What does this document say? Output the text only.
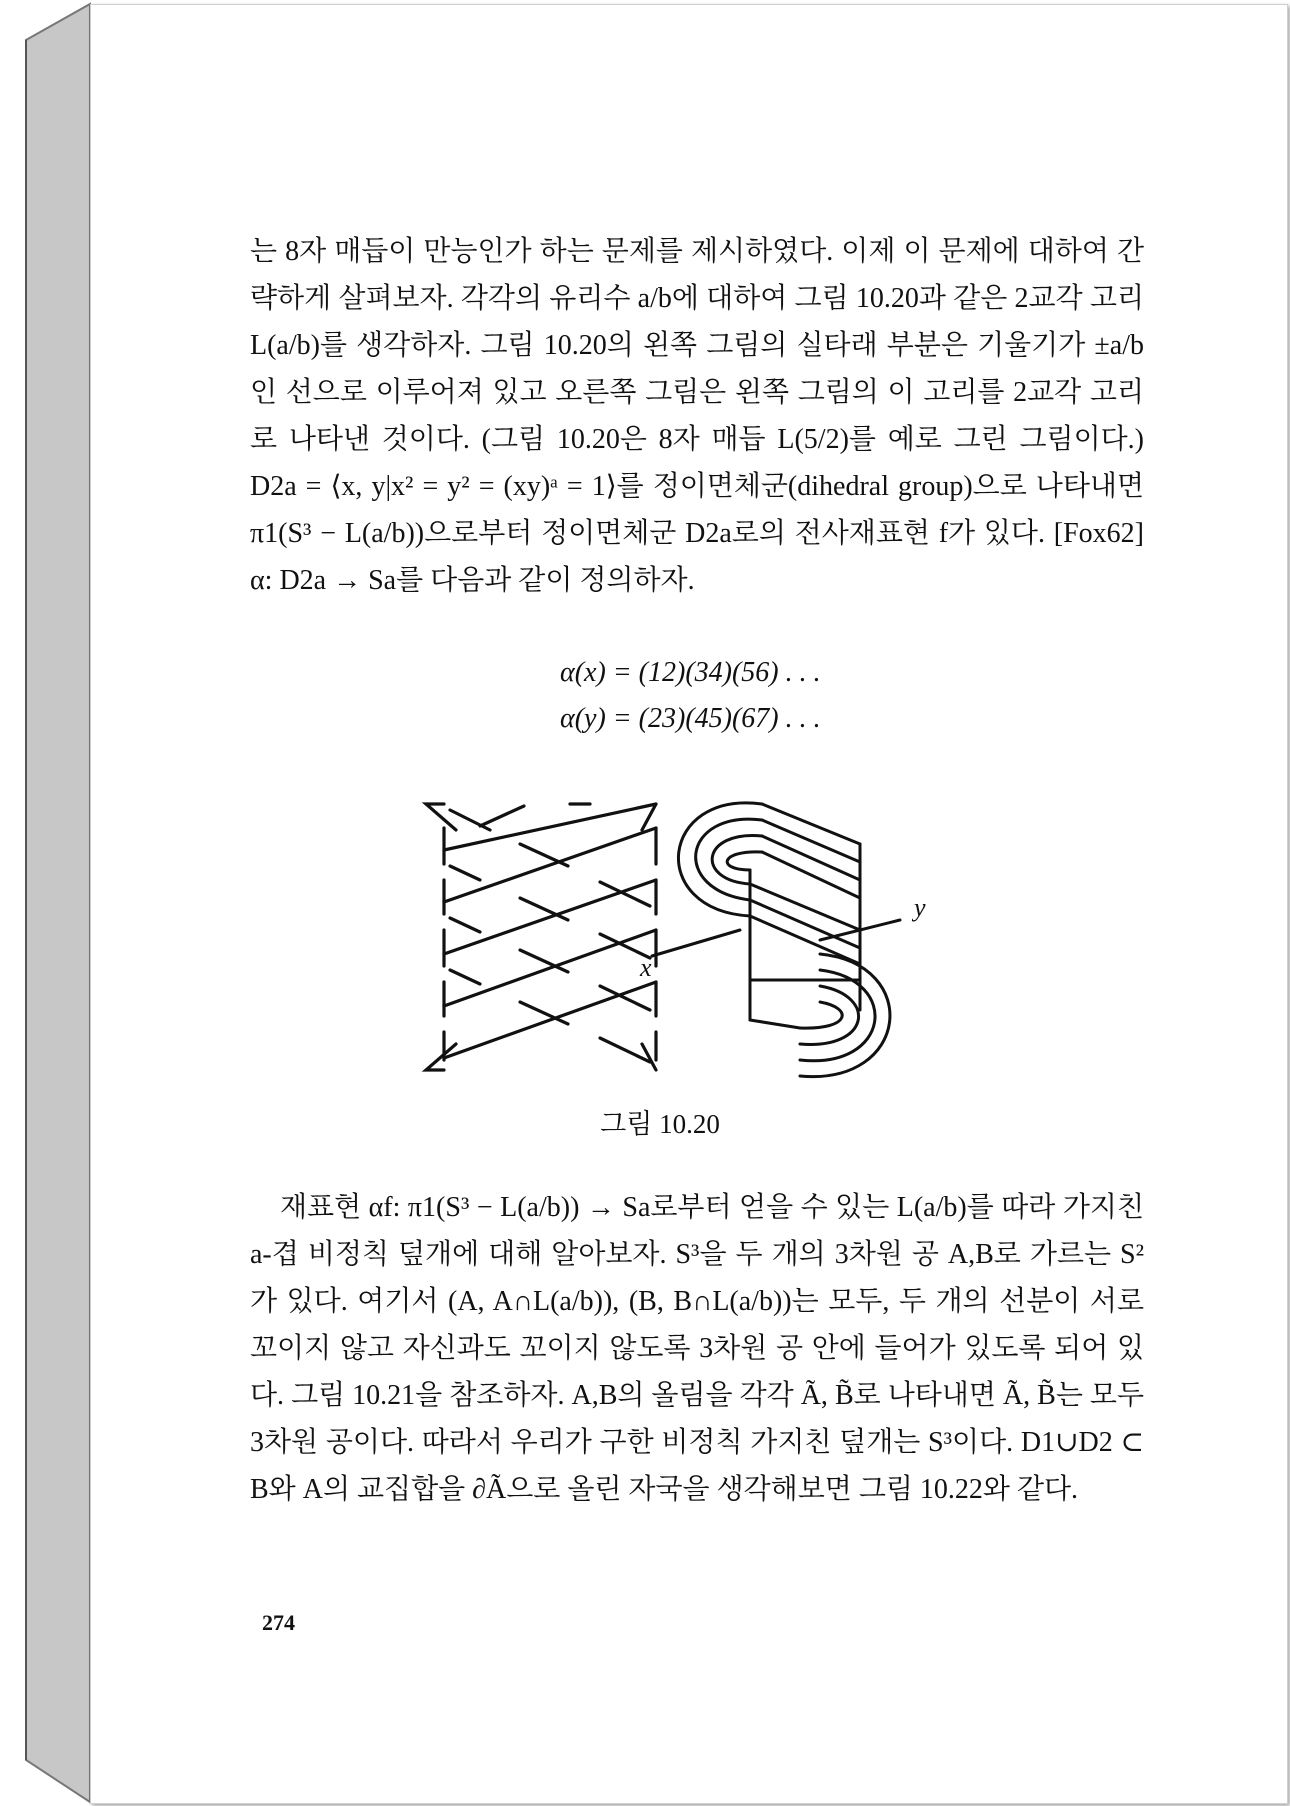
는 8자 매듭이 만능인가 하는 문제를 제시하였다. 이제 이 문제에 대하여 간략하게 살펴보자. 각각의 유리수 a/b에 대하여 그림 10.20과 같은 2교각 고리 L(a/b)를 생각하자. 그림 10.20의 왼쪽 그림의 실타래 부분은 기울기가 ±a/b인 선으로 이루어져 있고 오른쪽 그림은 왼쪽 그림의 이 고리를 2교각 고리로 나타낸 것이다. (그림 10.20은 8자 매듭 L(5/2)를 예로 그린 그림이다.) D2a = ⟨x, y|x² = y² = (xy)ᵃ = 1⟩를 정이면체군(dihedral group)으로 나타내면 π1(S³ − L(a/b))으로부터 정이면체군 D2a로의 전사재표현 f가 있다. [Fox62] α: D2a → Sa를 다음과 같이 정의하자.

α(x) = (12)(34)(56) . . .
α(y) = (23)(45)(67) . . .
x
y
그림 10.20

재표현 αf: π1(S³ − L(a/b)) → Sa로부터 얻을 수 있는 L(a/b)를 따라 가지친 a-겹 비정칙 덮개에 대해 알아보자. S³을 두 개의 3차원 공 A,B로 가르는 S²가 있다. 여기서 (A, A∩L(a/b)), (B, B∩L(a/b))는 모두, 두 개의 선분이 서로 꼬이지 않고 자신과도 꼬이지 않도록 3차원 공 안에 들어가 있도록 되어 있다. 그림 10.21을 참조하자. A,B의 올림을 각각 Ã, B̃로 나타내면 Ã, B̃는 모두 3차원 공이다. 따라서 우리가 구한 비정칙 가지친 덮개는 S³이다. D1∪D2 ⊂ B와 A의 교집합을 ∂Ã으로 올린 자국을 생각해보면 그림 10.22와 같다.

274
